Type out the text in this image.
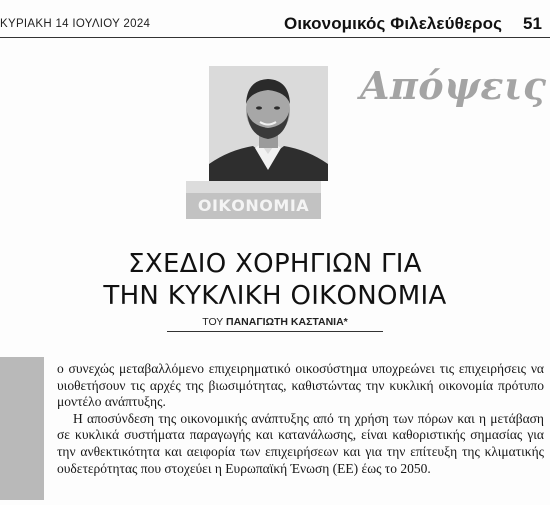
ΚΥΡΙΑΚΗ 14 ΙΟΥΛΙΟΥ 2024	Οικονομικός Φιλελεύθερος 51
Απόψεις
ΟΙΚΟΝΟΜΙΑ
ΣΧΕΔΙΟ ΧΟΡΗΓΙΩΝ ΓΙΑ
ΤΗΝ ΚΥΚΛΙΚΗ ΟΙΚΟΝΟΜΙΑ
ΤΟΥ ΠΑΝΑΓΙΩΤΗ ΚΑΣΤΑΝΙΑ*

ο συνεχώς μεταβαλλόμενο επιχειρηματικό οικοσύστημα υποχρεώνει τις επιχειρήσεις να υιοθετήσουν τις αρχές της βιωσιμότητας, καθιστώντας την κυκλική οικονομία πρότυπο μοντέλο ανάπτυξης.

Η αποσύνδεση της οικονομικής ανάπτυξης από τη χρήση των πόρων και η μετάβαση σε κυκλικά συστήματα παραγωγής και κατανάλωσης, είναι καθοριστικής σημασίας για την ανθεκτικότητα και αειφορία των επιχειρήσεων και για την επίτευξη της κλιματικής ουδετερότητας που στοχεύει η Ευρωπαϊκή Ένωση (ΕΕ) έως το 2050.
